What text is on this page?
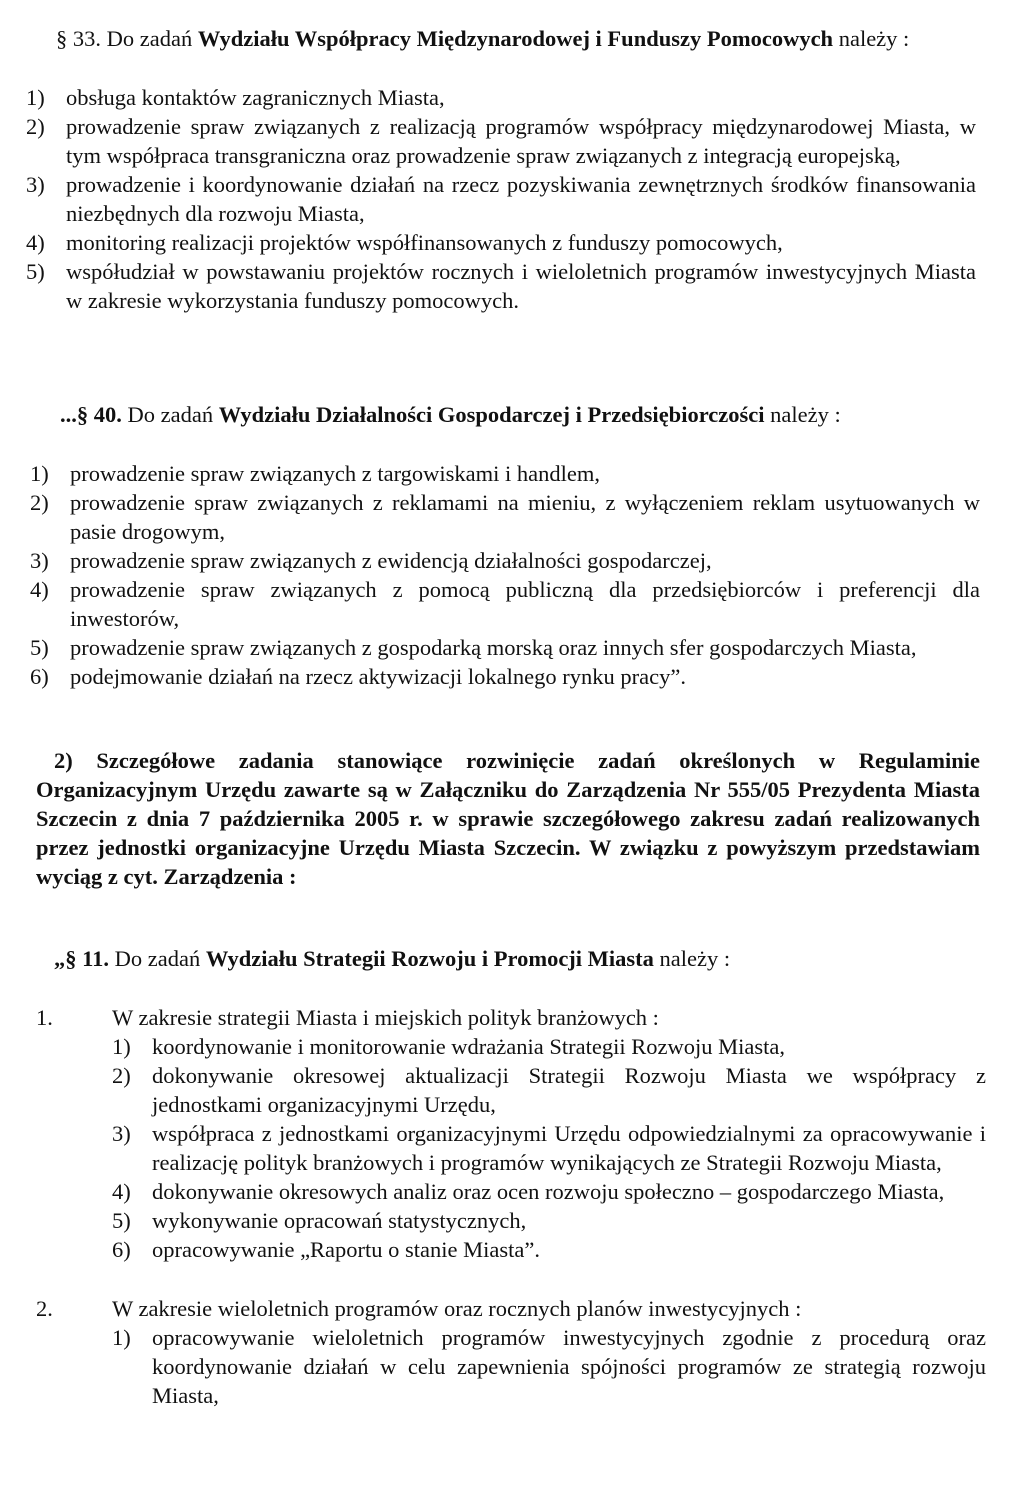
§ 33. Do zadań Wydziału Współpracy Międzynarodowej i Funduszy Pomocowych należy :

1) obsługa kontaktów zagranicznych Miasta,
2) prowadzenie spraw związanych z realizacją programów współpracy międzynarodowej Miasta, w tym współpraca transgraniczna oraz prowadzenie spraw związanych z integracją europejską,
3) prowadzenie i koordynowanie działań na rzecz pozyskiwania zewnętrznych środków finansowania niezbędnych dla rozwoju Miasta,
4) monitoring realizacji projektów współfinansowanych z funduszy pomocowych,
5) współudział w powstawaniu projektów rocznych i wieloletnich programów inwestycyjnych Miasta w zakresie wykorzystania funduszy pomocowych.

...§ 40. Do zadań Wydziału Działalności Gospodarczej i Przedsiębiorczości należy :

1) prowadzenie spraw związanych z targowiskami i handlem,
2) prowadzenie spraw związanych z reklamami na mieniu, z wyłączeniem reklam usytuowanych w pasie drogowym,
3) prowadzenie spraw związanych z ewidencją działalności gospodarczej,
4) prowadzenie spraw związanych z pomocą publiczną dla przedsiębiorców i preferencji dla inwestorów,
5) prowadzenie spraw związanych z gospodarką morską oraz innych sfer gospodarczych Miasta,
6) podejmowanie działań na rzecz aktywizacji lokalnego rynku pracy”.

2) Szczegółowe zadania stanowiące rozwinięcie zadań określonych w Regulaminie Organizacyjnym Urzędu zawarte są w Załączniku do Zarządzenia Nr 555/05 Prezydenta Miasta Szczecin z dnia 7 października 2005 r. w sprawie szczegółowego zakresu zadań realizowanych przez jednostki organizacyjne Urzędu Miasta Szczecin. W związku z powyższym przedstawiam wyciąg z cyt. Zarządzenia :

„§ 11. Do zadań Wydziału Strategii Rozwoju i Promocji Miasta należy :

1.	W zakresie strategii Miasta i miejskich polityk branżowych :
1) koordynowanie i monitorowanie wdrażania Strategii Rozwoju Miasta,
2) dokonywanie okresowej aktualizacji Strategii Rozwoju Miasta we współpracy z jednostkami organizacyjnymi Urzędu,
3) współpraca z jednostkami organizacyjnymi Urzędu odpowiedzialnymi za opracowywanie i realizację polityk branżowych i programów wynikających ze Strategii Rozwoju Miasta,
4) dokonywanie okresowych analiz oraz ocen rozwoju społeczno – gospodarczego Miasta,
5) wykonywanie opracowań statystycznych,
6) opracowywanie „Raportu o stanie Miasta”.
2.	W zakresie wieloletnich programów oraz rocznych planów inwestycyjnych :
1) opracowywanie wieloletnich programów inwestycyjnych zgodnie z procedurą oraz koordynowanie działań w celu zapewnienia spójności programów ze strategią rozwoju Miasta,
